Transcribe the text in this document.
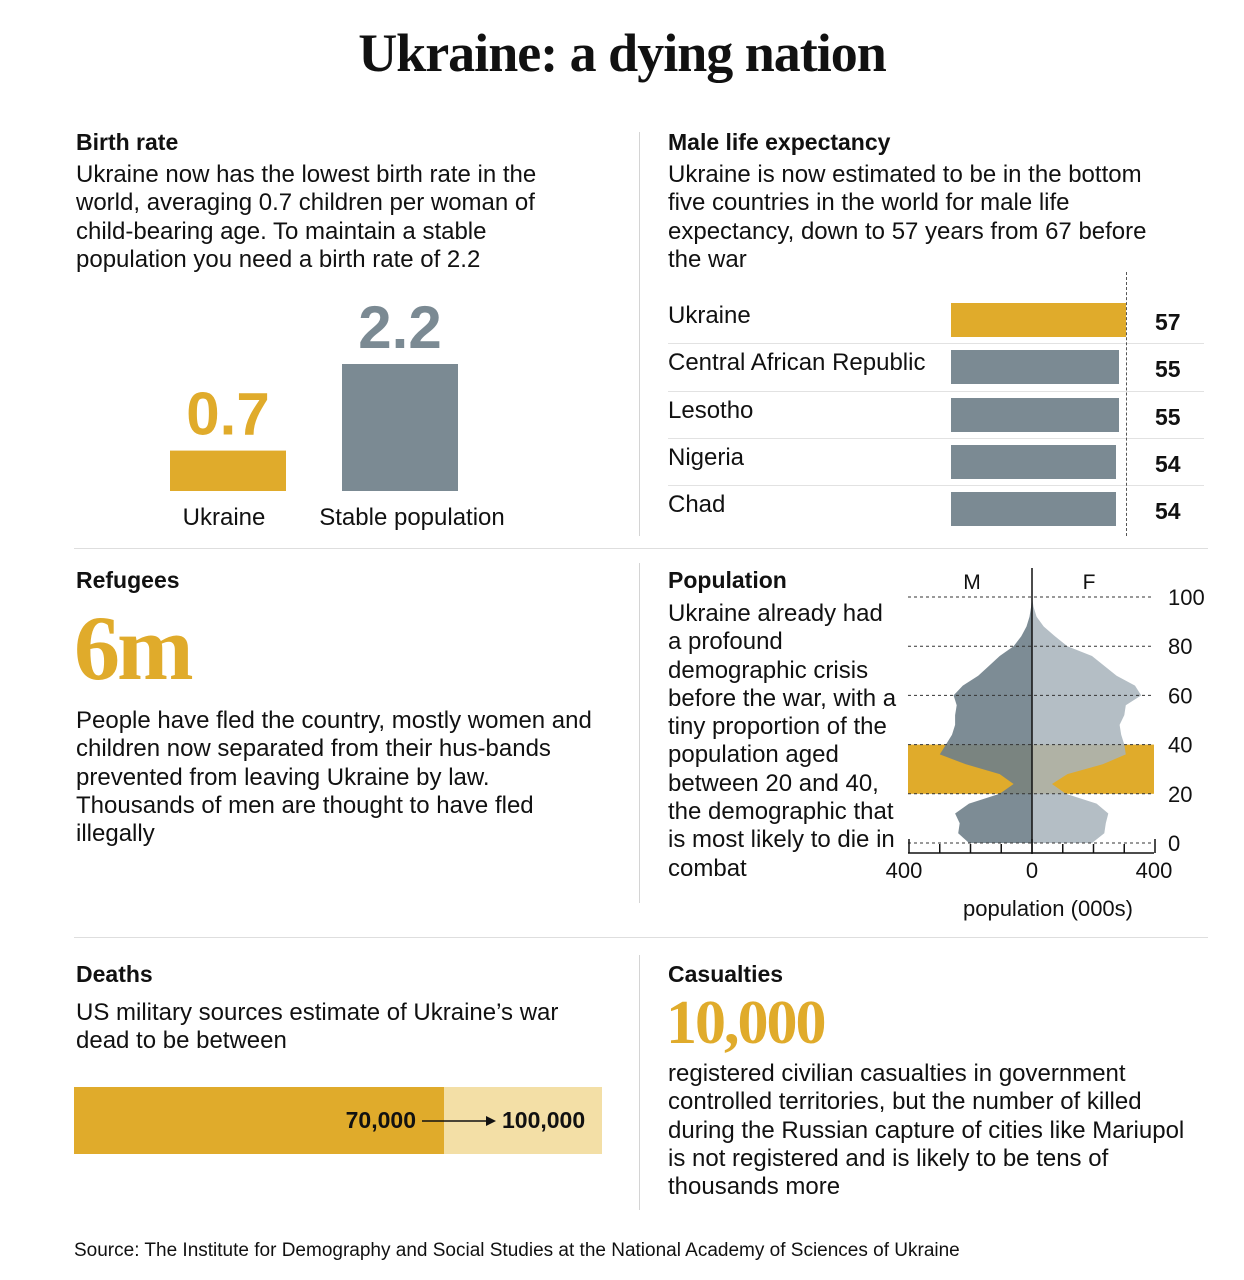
Ukraine: a dying nation
Birth rate

Ukraine now has the lowest birth rate in the world, averaging 0.7 children per woman of child-bearing age. To maintain a stable population you need a birth rate of 2.2

0.7
Ukraine
2.2
Stable population
Male life expectancy

Ukraine is now estimated to be in the bottom five countries in the world for male life expectancy, down to 57 years from 67 before the war

Ukraine	57
Central African Republic	55
Lesotho	55
Nigeria	54
Chad	54
Refugees
6m

People have fled the country, mostly women and children now separated from their hus-bands prevented from leaving Ukraine by law. Thousands of men are thought to have fled illegally

Population

Ukraine already had a profound demographic crisis before the war, with a tiny proportion of the population aged between 20 and 40, the demographic that is most likely to die in combat

0
20
40
60
80
100
M	F
400	0	400
population (000s)
Deaths

US military sources estimate of Ukraine’s war dead to be between

70,000	100,000
Casualties
10,000

registered civilian casualties in government controlled territories, but the number of killed during the Russian capture of cities like Mariupol is not registered and is likely to be tens of thousands more

Source: The Institute for Demography and Social Studies at the National Academy of Sciences of Ukraine
